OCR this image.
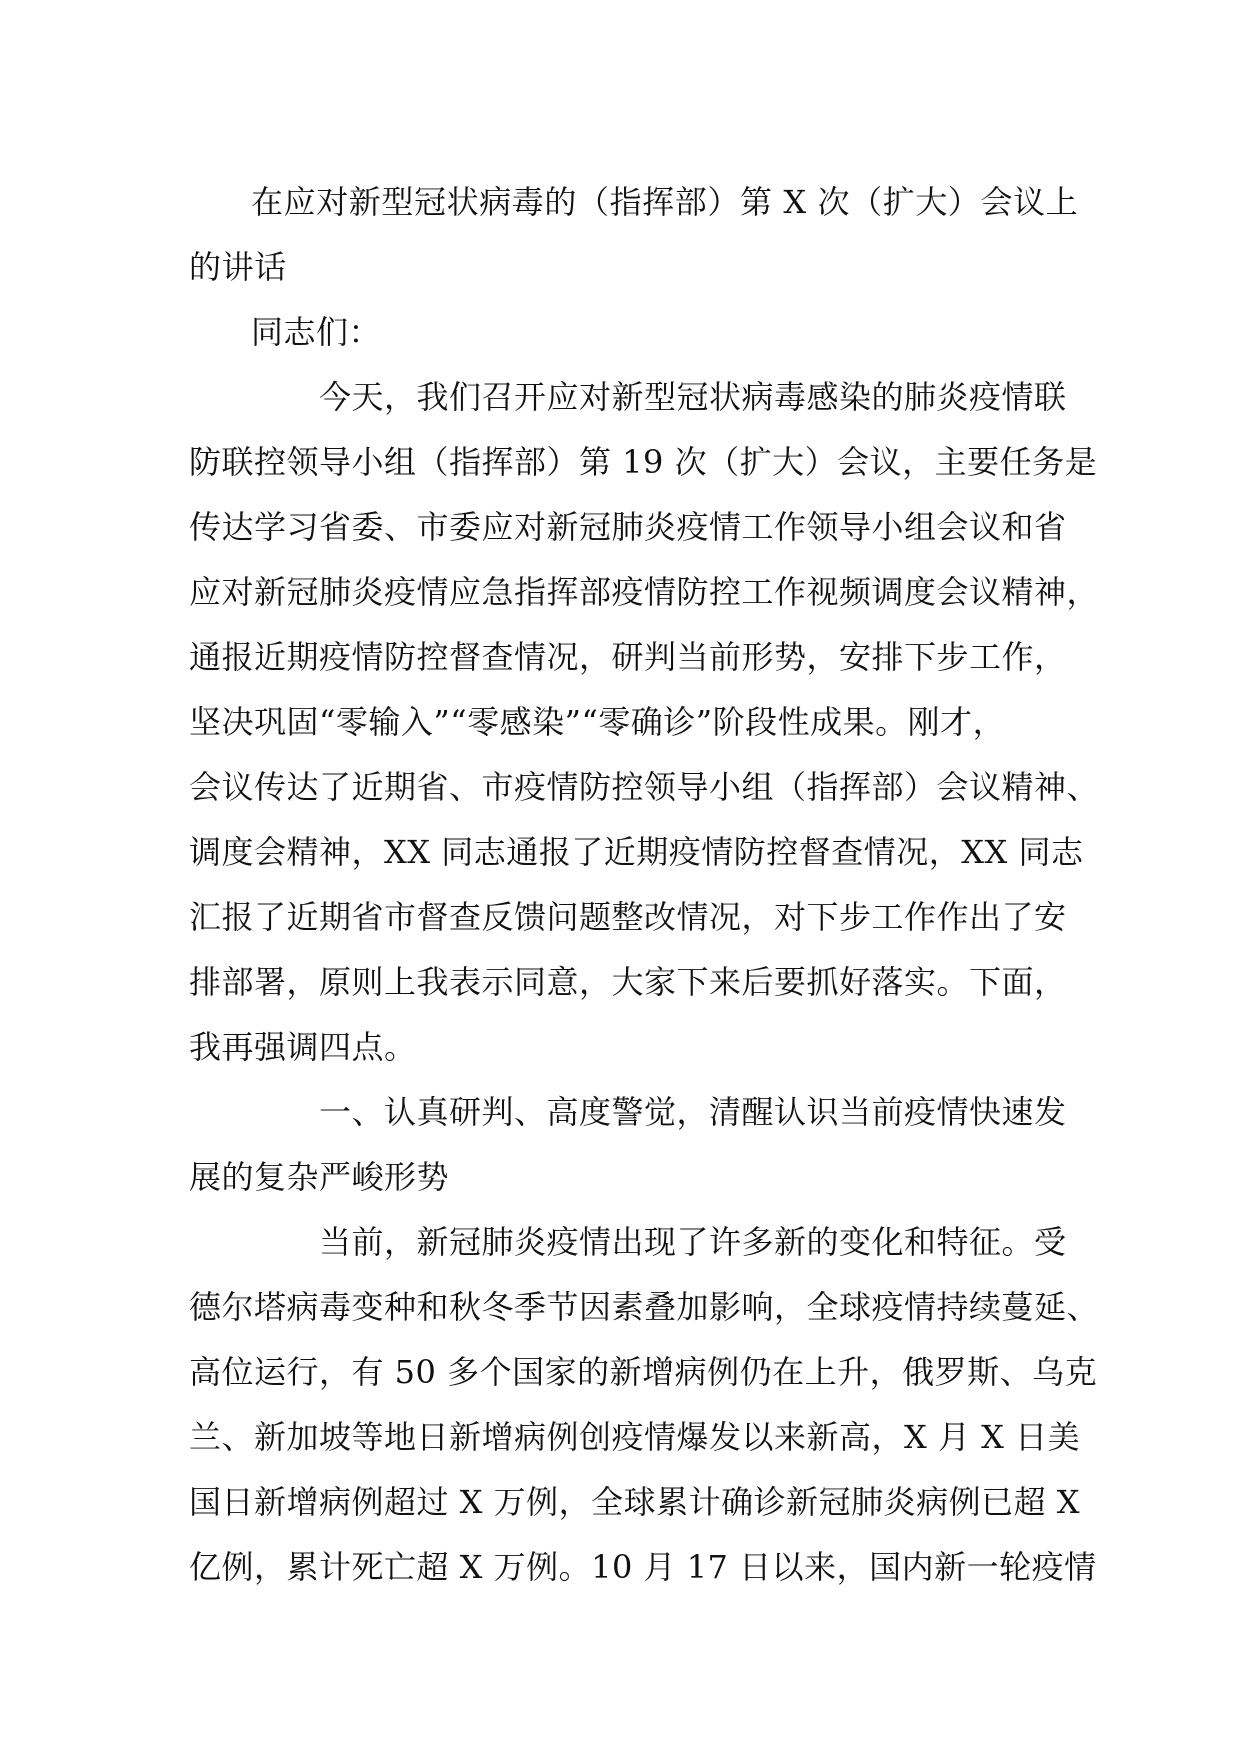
在应对新型冠状病毒的（指挥部）第 X 次（扩大）会议上
的讲话
同志们：
今天，我们召开应对新型冠状病毒感染的肺炎疫情联
防联控领导小组（指挥部）第 19 次（扩大）会议，主要任务是
传达学习省委、市委应对新冠肺炎疫情工作领导小组会议和省
应对新冠肺炎疫情应急指挥部疫情防控工作视频调度会议精神，
通报近期疫情防控督查情况，研判当前形势，安排下步工作，
坚决巩固“零输入”“零感染”“零确诊”阶段性成果。刚才，
会议传达了近期省、市疫情防控领导小组（指挥部）会议精神、
调度会精神，XX 同志通报了近期疫情防控督查情况，XX 同志
汇报了近期省市督查反馈问题整改情况，对下步工作作出了安
排部署，原则上我表示同意，大家下来后要抓好落实。下面，
我再强调四点。
一、认真研判、高度警觉，清醒认识当前疫情快速发
展的复杂严峻形势
当前，新冠肺炎疫情出现了许多新的变化和特征。受
德尔塔病毒变种和秋冬季节因素叠加影响，全球疫情持续蔓延、
高位运行，有 50 多个国家的新增病例仍在上升，俄罗斯、乌克
兰、新加坡等地日新增病例创疫情爆发以来新高，X 月 X 日美
国日新增病例超过 X 万例，全球累计确诊新冠肺炎病例已超 X
亿例，累计死亡超 X 万例。10 月 17 日以来，国内新一轮疫情
